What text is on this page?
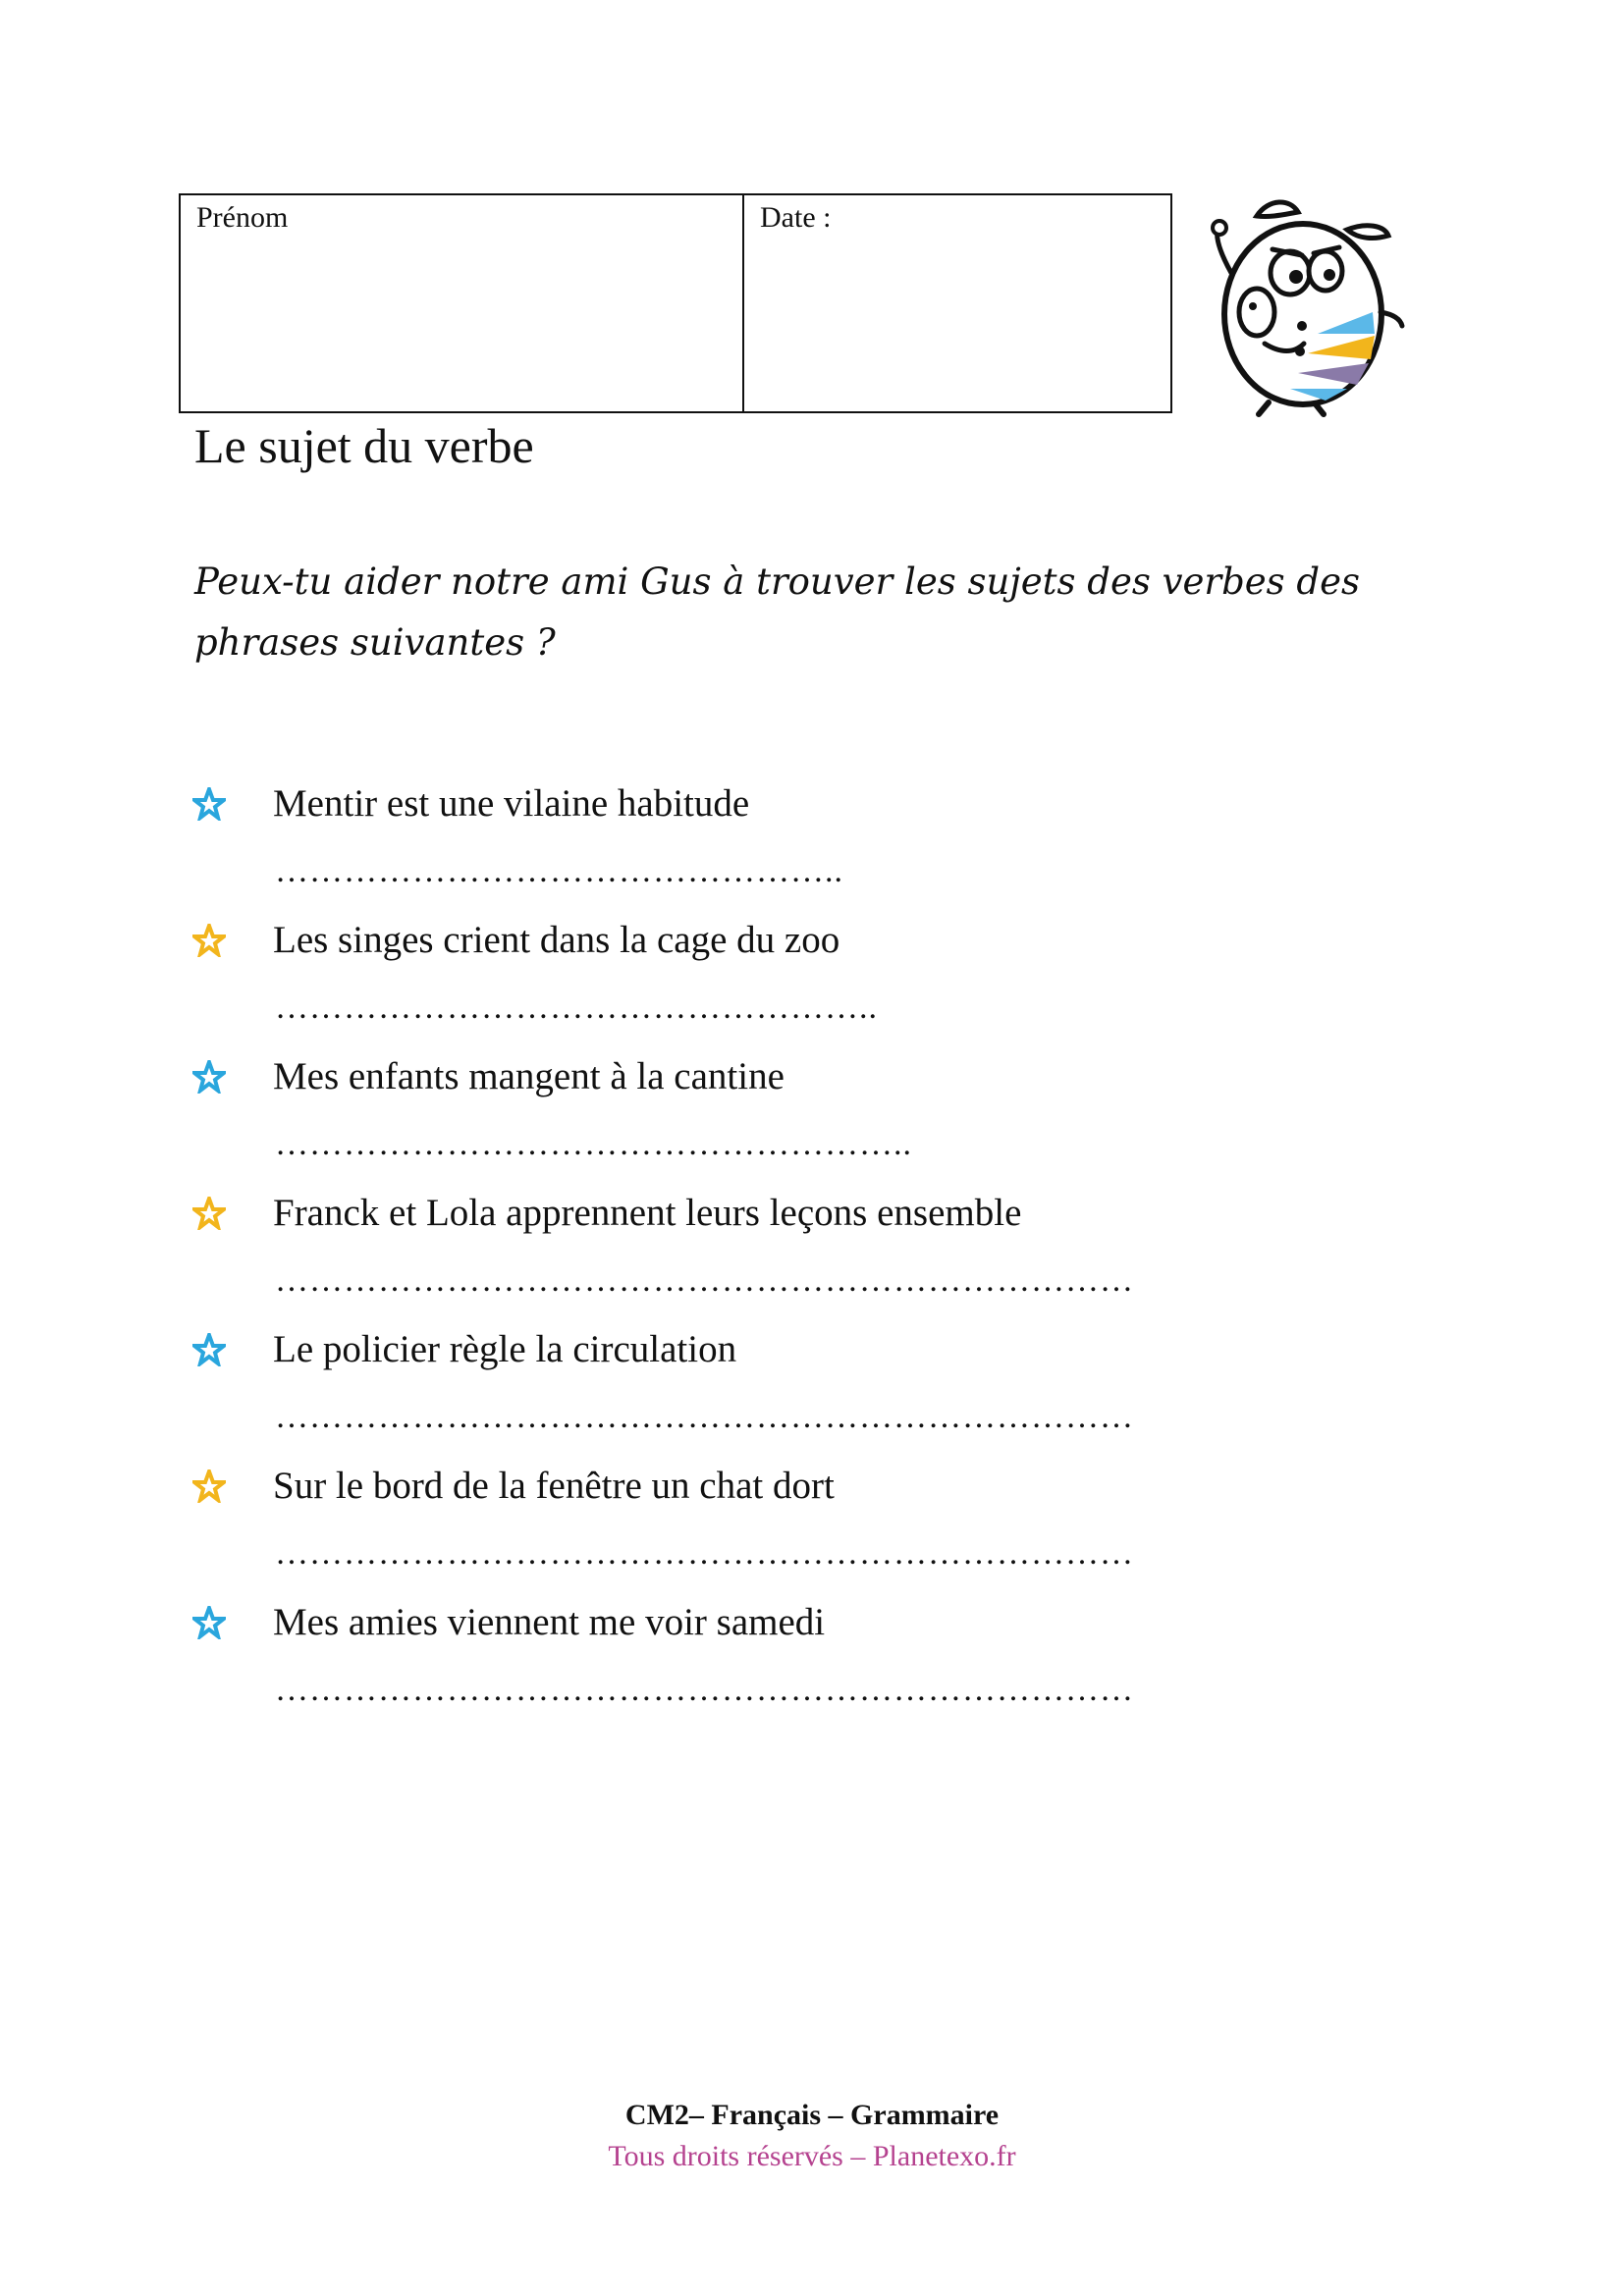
Prénom	Date :
Le sujet du verbe

Peux-tu aider notre ami Gus à trouver les sujets des verbes des phrases suivantes ?

Mentir est une vilaine habitude
…………………………………………..
Les singes crient dans la cage du zoo
……………………………………………..
Mes enfants mangent à la cantine
………………………………………………..
Franck et Lola apprennent leurs leçons ensemble
…………………………………………………………………
Le policier règle la circulation
…………………………………………………………………
Sur le bord de la fenêtre un chat dort
…………………………………………………………………
Mes amies viennent me voir samedi
…………………………………………………………………
CM2– Français – Grammaire
Tous droits réservés – Planetexo.fr
